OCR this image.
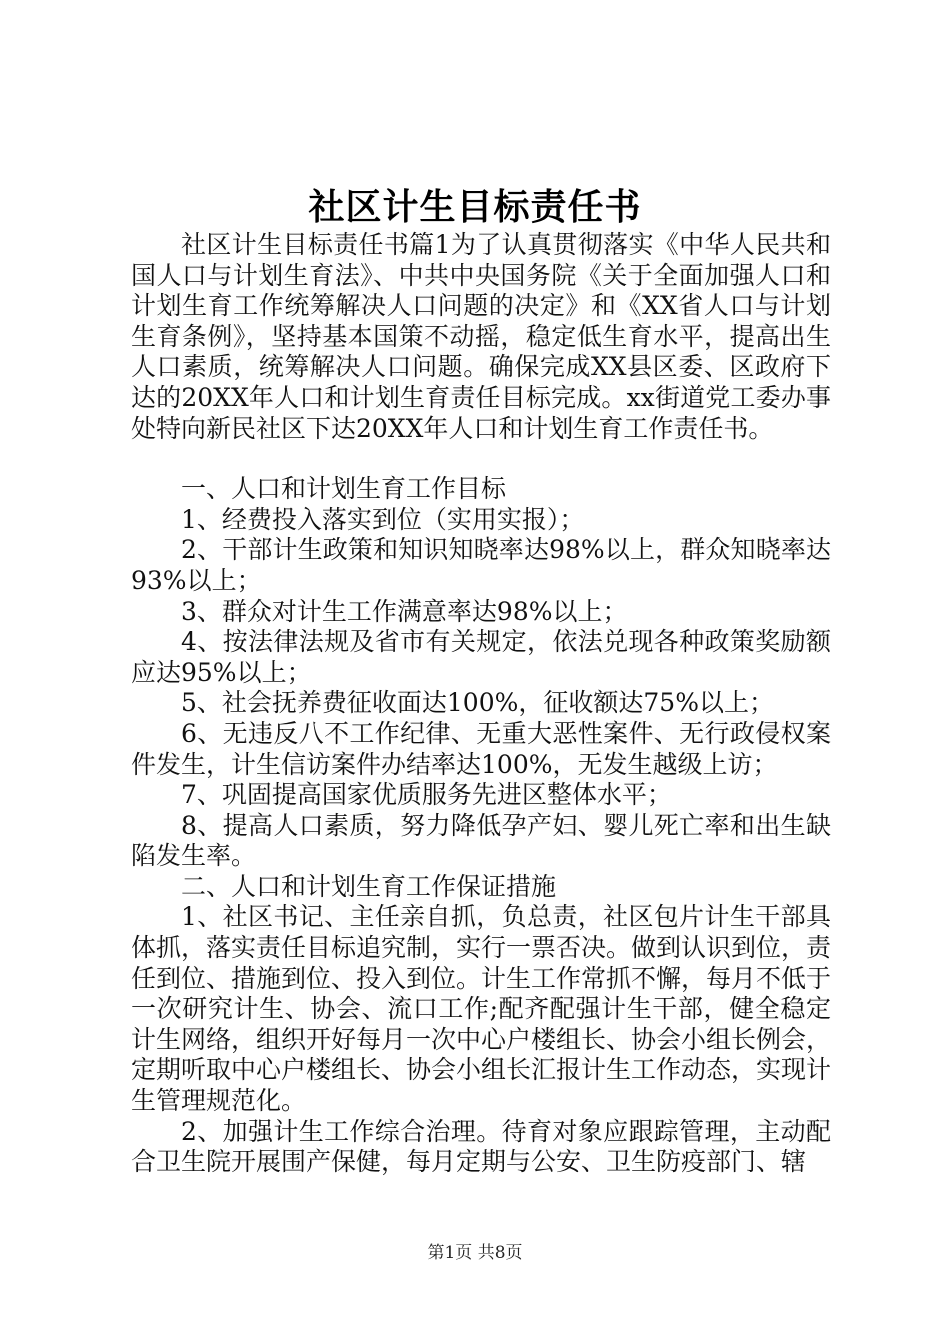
社区计生目标责任书

社区计生目标责任书篇1为了认真贯彻落实《中华人民共和国人口与计划生育法》、中共中央国务院《关于全面加强人口和计划生育工作统筹解决人口问题的决定》和《XX省人口与计划生育条例》，坚持基本国策不动摇，稳定低生育水平，提高出生人口素质，统筹解决人口问题。确保完成XX县区委、区政府下达的20XX年人口和计划生育责任目标完成。xx街道党工委办事处特向新民社区下达20XX年人口和计划生育工作责任书。

一、人口和计划生育工作目标

1、经费投入落实到位（实用实报）；

2、干部计生政策和知识知晓率达98%以上，群众知晓率达93%以上；

3、群众对计生工作满意率达98%以上；

4、按法律法规及省市有关规定，依法兑现各种政策奖励额应达95%以上；

5、社会抚养费征收面达100%，征收额达75%以上；

6、无违反八不工作纪律、无重大恶性案件、无行政侵权案件发生，计生信访案件办结率达100%，无发生越级上访；

7、巩固提高国家优质服务先进区整体水平；

8、提高人口素质，努力降低孕产妇、婴儿死亡率和出生缺陷发生率。

二、人口和计划生育工作保证措施

1、社区书记、主任亲自抓，负总责，社区包片计生干部具体抓，落实责任目标追究制，实行一票否决。做到认识到位，责任到位、措施到位、投入到位。计生工作常抓不懈，每月不低于一次研究计生、协会、流口工作;配齐配强计生干部，健全稳定计生网络，组织开好每月一次中心户楼组长、协会小组长例会，定期听取中心户楼组长、协会小组长汇报计生工作动态，实现计生管理规范化。

2、加强计生工作综合治理。待育对象应跟踪管理，主动配合卫生院开展围产保健，每月定期与公安、卫生防疫部门、辖

第1页 共8页
